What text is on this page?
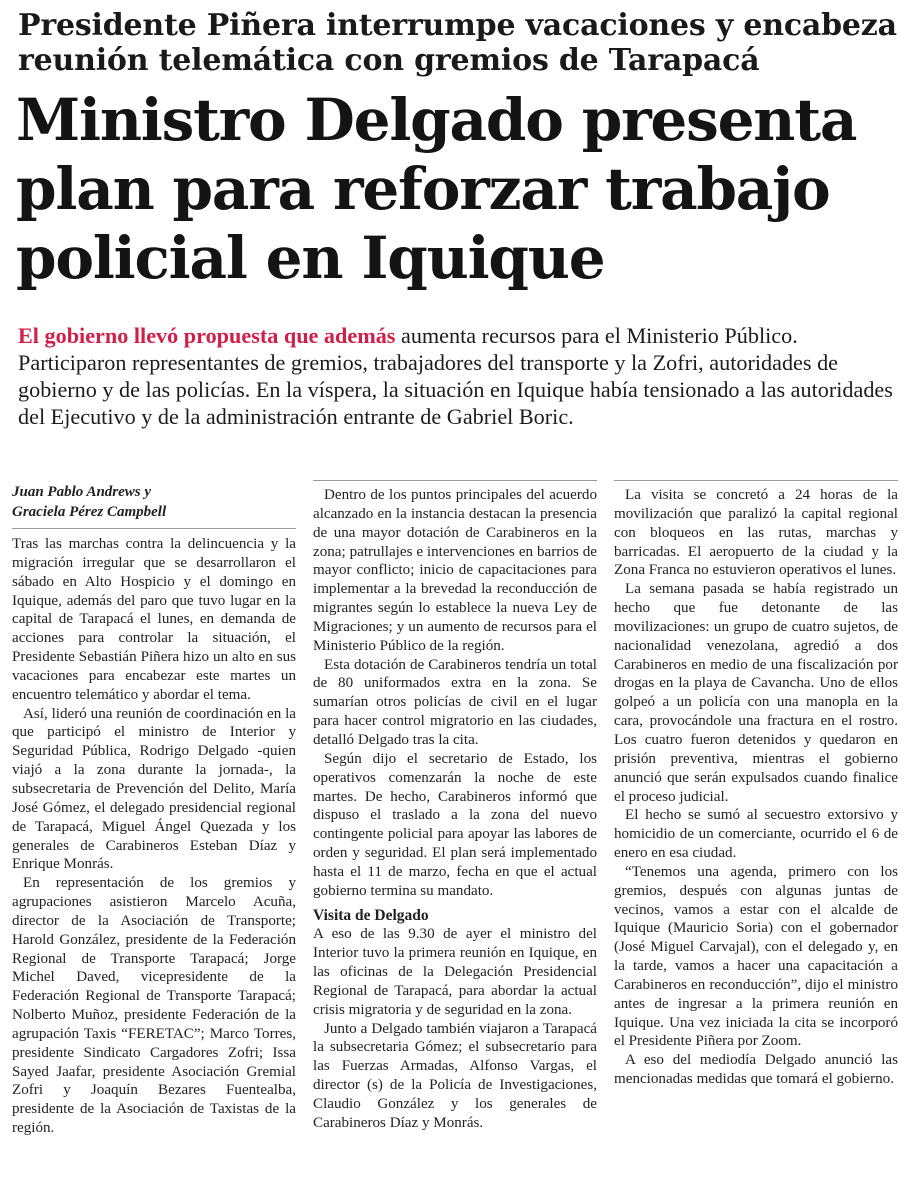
Presidente Piñera interrumpe vacaciones y encabeza reunión telemática con gremios de Tarapacá
Ministro Delgado presenta plan para reforzar trabajo policial en Iquique
El gobierno llevó propuesta que además aumenta recursos para el Ministerio Público. Participaron representantes de gremios, trabajadores del transporte y la Zofri, autoridades de gobierno y de las policías. En la víspera, la situación en Iquique había tensionado a las autoridades del Ejecutivo y de la administración entrante de Gabriel Boric.
Juan Pablo Andrews y
Graciela Pérez Campbell

Tras las marchas contra la delincuencia y la migración irregular que se desarrollaron el sábado en Alto Hospicio y el domingo en Iquique, además del paro que tuvo lugar en la capital de Tarapacá el lunes, en demanda de acciones para controlar la situación, el Presidente Sebastián Piñera hizo un alto en sus vacaciones para encabezar este martes un encuentro telemático y abordar el tema.

Así, lideró una reunión de coordinación en la que participó el ministro de Interior y Seguridad Pública, Rodrigo Delgado -quien viajó a la zona durante la jornada-, la subsecretaria de Prevención del Delito, María José Gómez, el delegado presidencial regional de Tarapacá, Miguel Ángel Quezada y los generales de Carabineros Esteban Díaz y Enrique Monrás.

En representación de los gremios y agrupaciones asistieron Marcelo Acuña, director de la Asociación de Transporte; Harold González, presidente de la Federación Regional de Transporte Tarapacá; Jorge Michel Daved, vicepresidente de la Federación Regional de Transporte Tarapacá; Nolberto Muñoz, presidente Federación de la agrupación Taxis “FERETAC”; Marco Torres, presidente Sindicato Cargadores Zofri; Issa Sayed Jaafar, presidente Asociación Gremial Zofri y Joaquín Bezares Fuentealba, presidente de la Asociación de Taxistas de la región.

Dentro de los puntos principales del acuerdo alcanzado en la instancia destacan la presencia de una mayor dotación de Carabineros en la zona; patrullajes e intervenciones en barrios de mayor conflicto; inicio de capacitaciones para implementar a la brevedad la reconducción de migrantes según lo establece la nueva Ley de Migraciones; y un aumento de recursos para el Ministerio Público de la región.

Esta dotación de Carabineros tendría un total de 80 uniformados extra en la zona. Se sumarían otros policías de civil en el lugar para hacer control migratorio en las ciudades, detalló Delgado tras la cita.

Según dijo el secretario de Estado, los operativos comenzarán la noche de este martes. De hecho, Carabineros informó que dispuso el traslado a la zona del nuevo contingente policial para apoyar las labores de orden y seguridad. El plan será implementado hasta el 11 de marzo, fecha en que el actual gobierno termina su mandato.

Visita de Delgado

A eso de las 9.30 de ayer el ministro del Interior tuvo la primera reunión en Iquique, en las oficinas de la Delegación Presidencial Regional de Tarapacá, para abordar la actual crisis migratoria y de seguridad en la zona.

Junto a Delgado también viajaron a Tarapacá la subsecretaria Gómez; el subsecretario para las Fuerzas Armadas, Alfonso Vargas, el director (s) de la Policía de Investigaciones, Claudio González y los generales de Carabineros Díaz y Monrás.

La visita se concretó a 24 horas de la movilización que paralizó la capital regional con bloqueos en las rutas, marchas y barricadas. El aeropuerto de la ciudad y la Zona Franca no estuvieron operativos el lunes.

La semana pasada se había registrado un hecho que fue detonante de las movilizaciones: un grupo de cuatro sujetos, de nacionalidad venezolana, agredió a dos Carabineros en medio de una fiscalización por drogas en la playa de Cavancha. Uno de ellos golpeó a un policía con una manopla en la cara, provocándole una fractura en el rostro. Los cuatro fueron detenidos y quedaron en prisión preventiva, mientras el gobierno anunció que serán expulsados cuando finalice el proceso judicial.

El hecho se sumó al secuestro extorsivo y homicidio de un comerciante, ocurrido el 6 de enero en esa ciudad.

“Tenemos una agenda, primero con los gremios, después con algunas juntas de vecinos, vamos a estar con el alcalde de Iquique (Mauricio Soria) con el gobernador (José Miguel Carvajal), con el delegado y, en la tarde, vamos a hacer una capacitación a Carabineros en reconducción”, dijo el ministro antes de ingresar a la primera reunión en Iquique. Una vez iniciada la cita se incorporó el Presidente Piñera por Zoom.

A eso del mediodía Delgado anunció las mencionadas medidas que tomará el gobierno.
